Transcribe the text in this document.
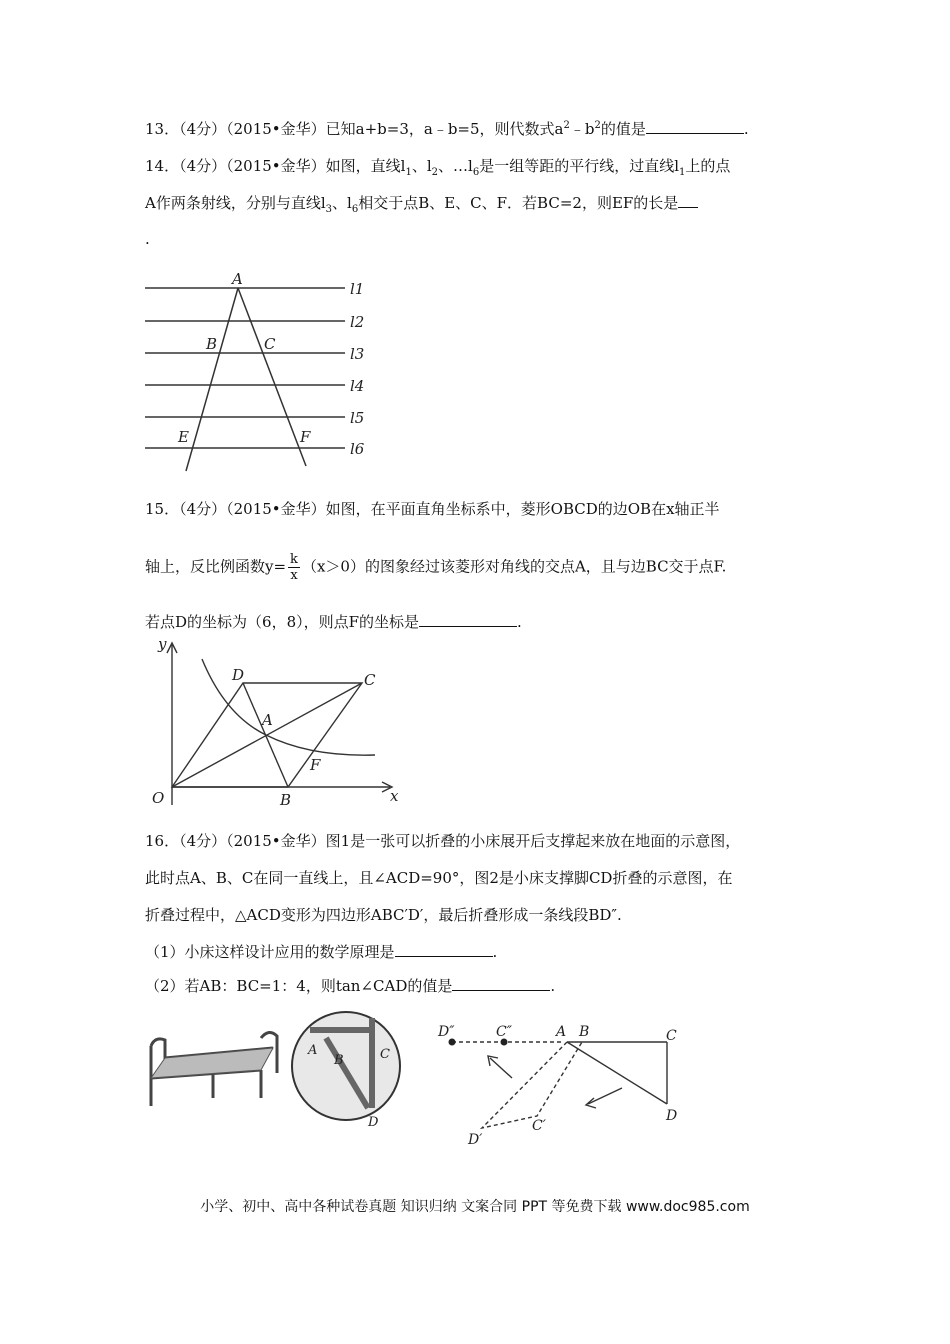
13．（4分）（2015•金华）已知a+b=3，a﹣b=5，则代数式$a^2﹣b^2$的值是	.
14．（4分）（2015•金华）如图，直线$l_1$、$l_2$、$\dots l_6$是一组等距的平行线，过直线$l_1$上的点
A作两条射线，分别与直线$l_3$、$l_6$相交于点B、E、C、F．若BC=2，则EF的长是
.
A
B	C
E	F
l1
l2
l3
l4
l5
l6
15．（4分）（2015•金华）如图，在平面直角坐标系中，菱形OBCD的边OB在x轴正半
轴上，反比例函数$y= \frac{k}{x} (x>0)$的图象经过该菱形对角线的交点A，且与边BC交于点F.
若点D的坐标为（6，8），则点F的坐标是	.
y
x
O	B
C
D
A
F
16．（4分）（2015•金华）图1是一张可以折叠的小床展开后支撑起来放在地面的示意图，
此时点A、B、C在同一直线上，且∠ACD=90°，图2是小床支撑脚CD折叠的示意图，在
折叠过程中，△ACD变形为四边形ABC′D′，最后折叠形成一条线段BD″.
（1）小床这样设计应用的数学原理是	.
（2）若AB：BC=1：4，则tan∠CAD的值是	.
A
B	C
D
D″	C″	A B	C
D
D′
C′
小学、初中、高中各种试卷真题 知识归纳 文案合同 PPT 等免费下载 www.doc985.com
